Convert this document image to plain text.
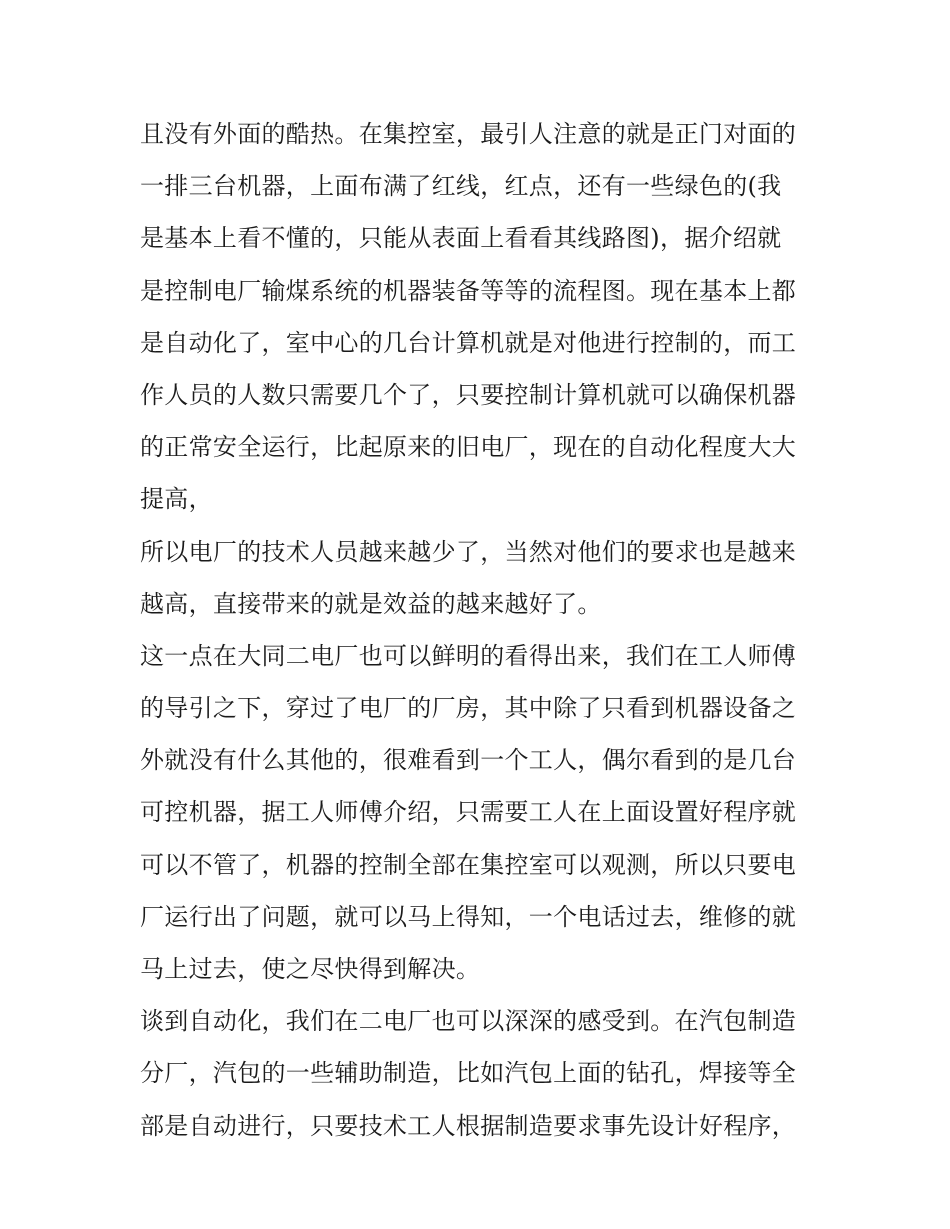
且没有外面的酷热。在集控室，最引人注意的就是正门对面的
一排三台机器，上面布满了红线，红点，还有一些绿色的(我
是基本上看不懂的，只能从表面上看看其线路图)，据介绍就
是控制电厂输煤系统的机器装备等等的流程图。现在基本上都
是自动化了，室中心的几台计算机就是对他进行控制的，而工
作人员的人数只需要几个了，只要控制计算机就可以确保机器
的正常安全运行，比起原来的旧电厂，现在的自动化程度大大
提高，
所以电厂的技术人员越来越少了，当然对他们的要求也是越来
越高，直接带来的就是效益的越来越好了。
这一点在大同二电厂也可以鲜明的看得出来，我们在工人师傅
的导引之下，穿过了电厂的厂房，其中除了只看到机器设备之
外就没有什么其他的，很难看到一个工人，偶尔看到的是几台
可控机器，据工人师傅介绍，只需要工人在上面设置好程序就
可以不管了，机器的控制全部在集控室可以观测，所以只要电
厂运行出了问题，就可以马上得知，一个电话过去，维修的就
马上过去，使之尽快得到解决。
谈到自动化，我们在二电厂也可以深深的感受到。在汽包制造
分厂，汽包的一些辅助制造，比如汽包上面的钻孔，焊接等全
部是自动进行，只要技术工人根据制造要求事先设计好程序，
